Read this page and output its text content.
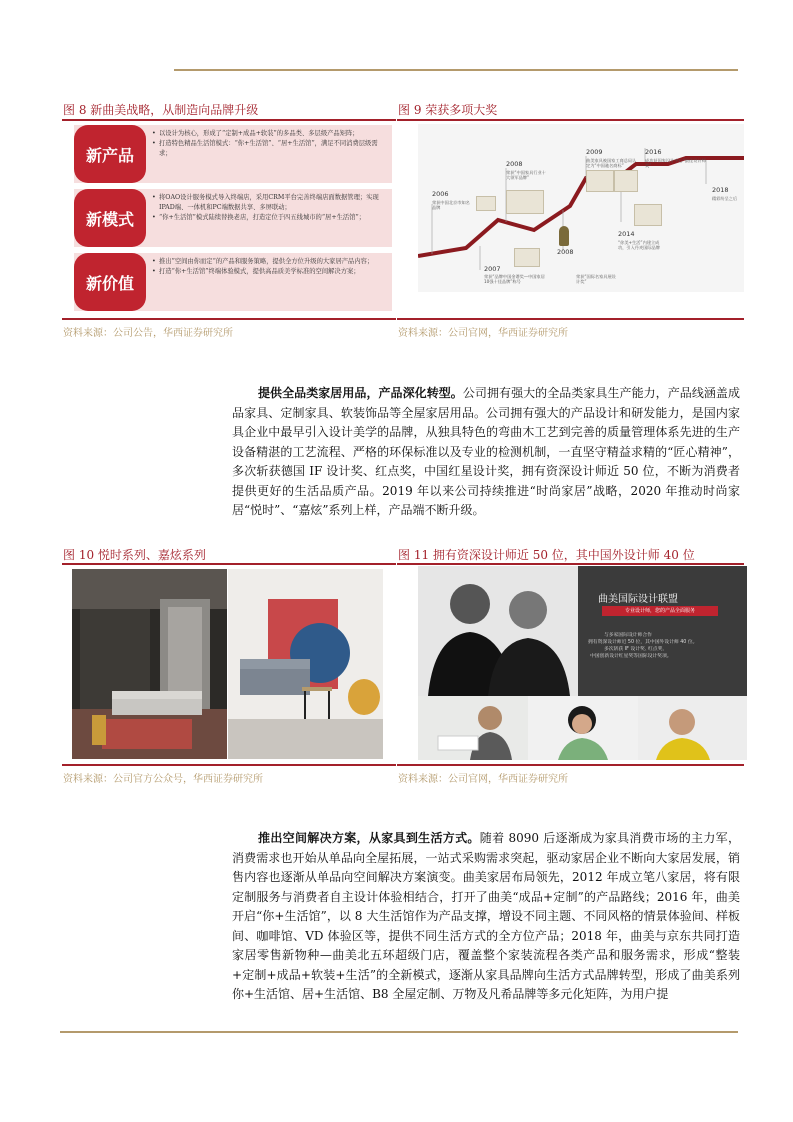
图 8 新曲美战略，从制造向品牌升级
新产品
• 以设计为核心，形成了“定制+成品+软装”的多品类、多层级产品矩阵；
• 打造特色精品生活馆模式：“你+生活馆”、“居+生活馆”，满足不同消费层级需求；
新模式
• 将OAO设计服务模式导入终端店，采用CRM平台完善终端店面数据管理；实现IPAD端、一体机和PC端数据共享、多屏联动；
• “你+生活馆”模式陆续替换老店，打造定位于四五线城市的“居+生活馆”；
新价值
• 推出”空间由你而定“的产品和服务策略，提供全方位升级的大家居产品内容；
• 打造“你+生活馆”终端体验模式，提供高品质美学标准的空间解决方案；
资料来源：公司公告，华西证券研究所
图 9 荣获多项大奖
2006
荣获中国北京市知名品牌
2007
荣获“品牌中国金谱奖—中国家居10强十佳品牌”称号
2008
荣获“中国家具行业十大领军品牌”
2008
荣获“国际名家具展设计奖”
2009
曲美家具被国家工商总局认定为“中国驰名商标”
2014
“你美+生活”内建立成功，引入丹麦国际品牌
2016
成功获国家设计中心“最佳设计师奖”
2018
精彩纷呈之后
资料来源：公司官网，华西证券研究所
提供全品类家居用品，产品深化转型。公司拥有强大的全品类家具生产能力，产品线涵盖成品家具、定制家具、软装饰品等全屋家居用品。公司拥有强大的产品设计和研发能力，是国内家具企业中最早引入设计美学的品牌，从独具特色的弯曲木工艺到完善的质量管理体系先进的生产设备精湛的工艺流程、严格的环保标准以及专业的检测机制，一直坚守精益求精的“匠心精神”，多次斩获德国 IF 设计奖、红点奖，中国红星设计奖，拥有资深设计师近 50 位，不断为消费者提供更好的生活品质产品。2019 年以来公司持续推进“时尚家居”战略，2020 年推动时尚家居“悦时”、“嘉炫”系列上样，产品端不断升级。
图 10 悦时系列、嘉炫系列
资料来源：公司官方公众号，华西证券研究所
图 11 拥有资深设计师近 50 位，其中国外设计师 40 位
曲美国际设计联盟
专业设计师，您的产品全面服务
与多家国际设计师合作
拥有资深设计师近 50 位，其中国外设计师 40 位。
多次斩获 IF 设计奖、
红点奖、
中国创新设计红星奖等国际设计奖项。
资料来源：公司官网，华西证券研究所
推出空间解决方案，从家具到生活方式。随着 8090 后逐渐成为家具消费市场的主力军，消费需求也开始从单品向全屋拓展，一站式采购需求突起，驱动家居企业不断向大家居发展，销售内容也逐渐从单品向空间解决方案演变。曲美家居布局领先，2012 年成立笔八家居，将有限定制服务与消费者自主设计体验相结合，打开了曲美“成品+定制”的产品路线；2016 年，曲美开启“你+生活馆”，以 8 大生活馆作为产品支撑，增设不同主题、不同风格的情景体验间、样板间、咖啡馆、VD 体验区等，提供不同生活方式的全方位产品；2018 年，曲美与京东共同打造家居零售新物种—曲美北五环超级门店，覆盖整个家装流程各类产品和服务需求，形成“整装+定制+成品+软装+生活”的全新模式，逐渐从家具品牌向生活方式品牌转型，形成了曲美系列你+生活馆、居+生活馆、B8 全屋定制、万物及凡希品牌等多元化矩阵，为用户提
